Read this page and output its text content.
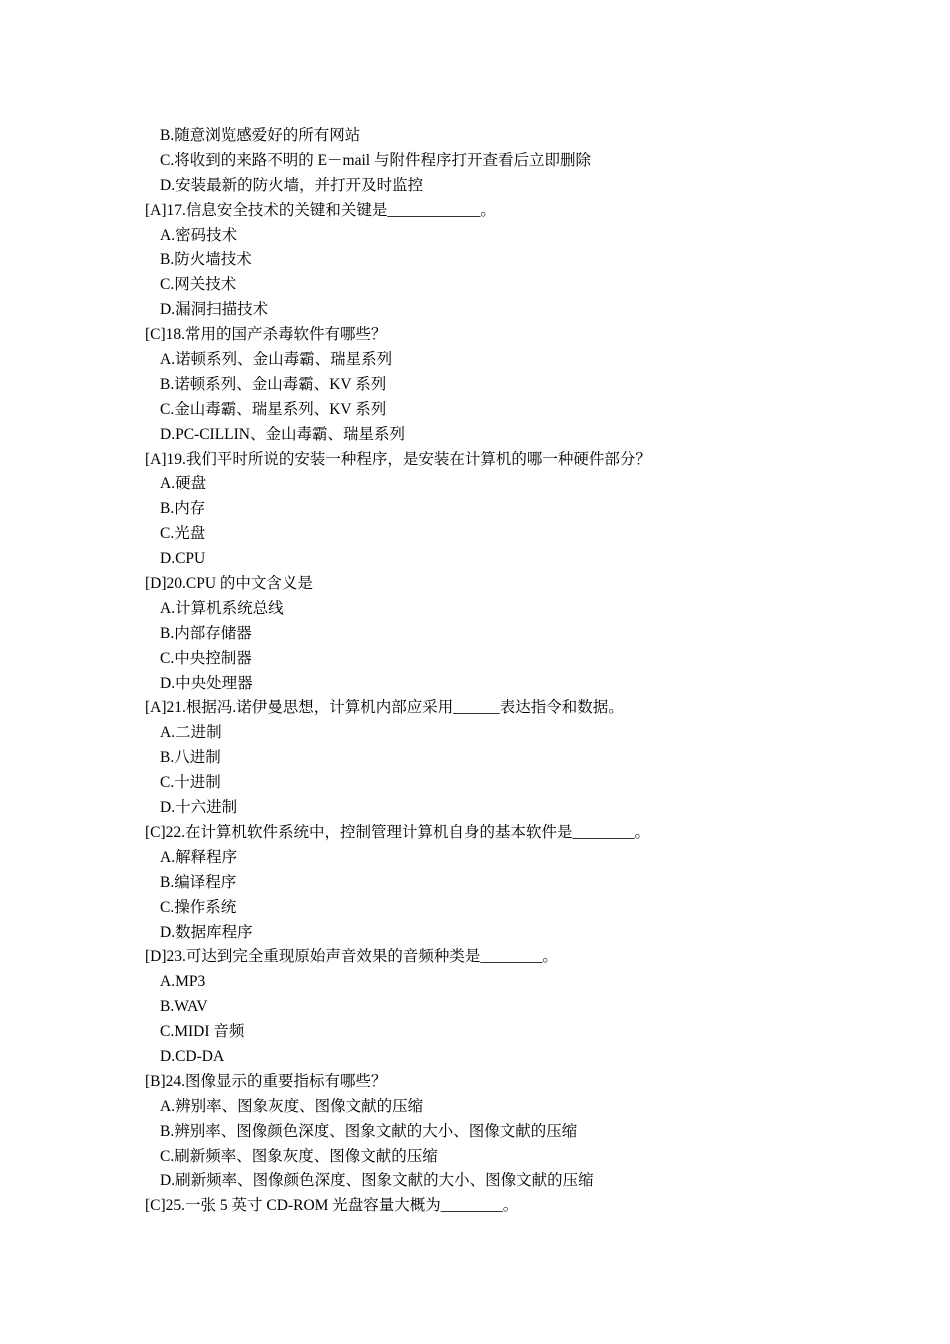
B.随意浏览感爱好的所有网站
C.将收到的来路不明的 E－mail 与附件程序打开查看后立即删除
D.安装最新的防火墙，并打开及时监控
[A]17.信息安全技术的关键和关键是____________。
A.密码技术
B.防火墙技术
C.网关技术
D.漏洞扫描技术
[C]18.常用的国产杀毒软件有哪些？
A.诺顿系列、金山毒霸、瑞星系列
B.诺顿系列、金山毒霸、KV 系列
C.金山毒霸、瑞星系列、KV 系列
D.PC-CILLIN、金山毒霸、瑞星系列
[A]19.我们平时所说的安装一种程序，是安装在计算机的哪一种硬件部分？
A.硬盘
B.内存
C.光盘
D.CPU
[D]20.CPU 的中文含义是
A.计算机系统总线
B.内部存储器
C.中央控制器
D.中央处理器
[A]21.根据冯.诺伊曼思想，计算机内部应采用______表达指令和数据。
A.二进制
B.八进制
C.十进制
D.十六进制
[C]22.在计算机软件系统中，控制管理计算机自身的基本软件是________。
A.解释程序
B.编译程序
C.操作系统
D.数据库程序
[D]23.可达到完全重现原始声音效果的音频种类是________。
A.MP3
B.WAV
C.MIDI 音频
D.CD-DA
[B]24.图像显示的重要指标有哪些？
A.辨别率、图象灰度、图像文献的压缩
B.辨别率、图像颜色深度、图象文献的大小、图像文献的压缩
C.刷新频率、图象灰度、图像文献的压缩
D.刷新频率、图像颜色深度、图象文献的大小、图像文献的压缩
[C]25.一张 5 英寸 CD-ROM 光盘容量大概为________。
